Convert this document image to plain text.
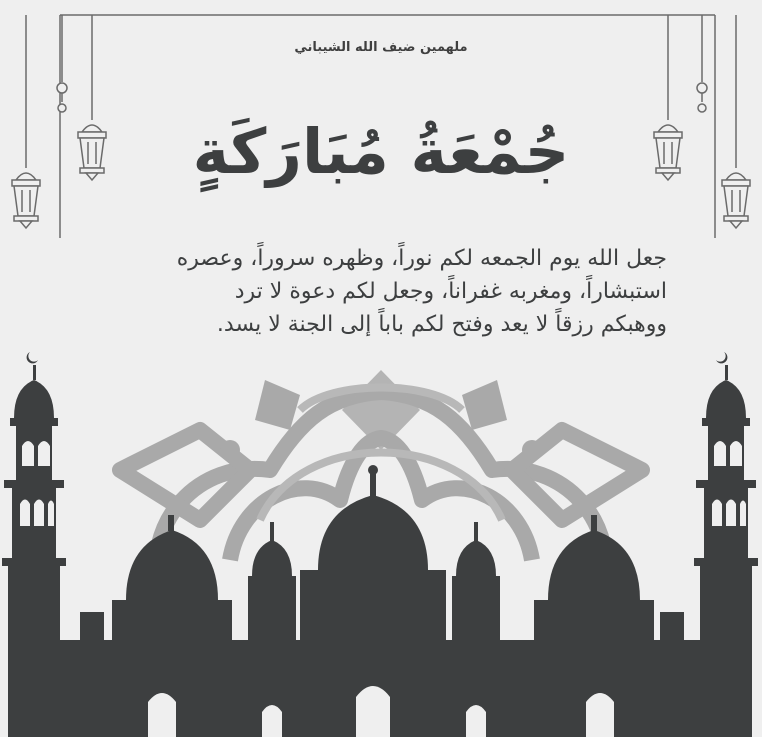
ملهمين ضيف الله الشيباني
جُمْعَةُ مُبَارَكَةٍ

جعل الله يوم الجمعه لكم نوراً، وظهره سروراً، وعصره

استبشاراً، ومغربه غفراناً، وجعل لكم دعوة لا ترد

ووهبكم رزقاً لا يعد وفتح لكم باباً إلى الجنة لا يسد.
